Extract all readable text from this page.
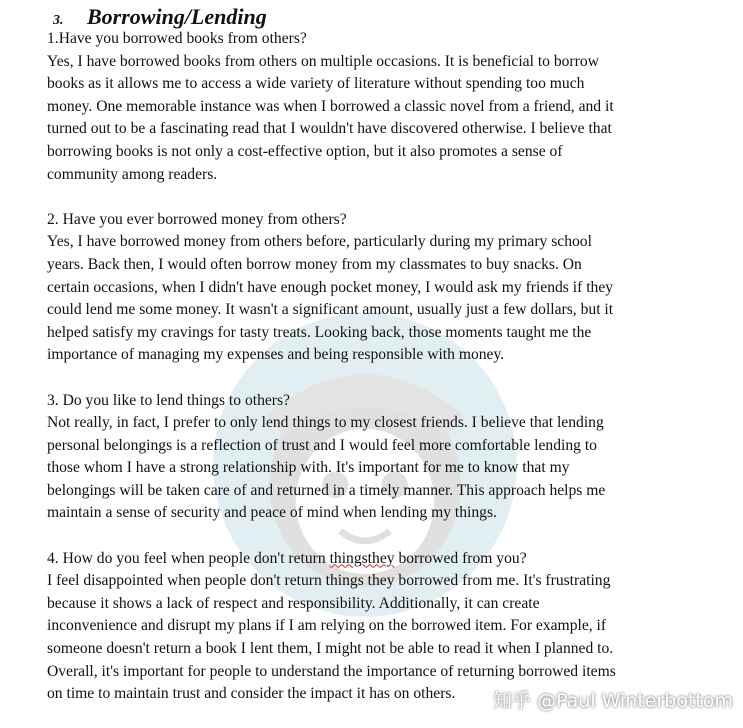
3. Borrowing/Lending
1.Have you borrowed books from others?
Yes, I have borrowed books from others on multiple occasions. It is beneficial to borrow
books as it allows me to access a wide variety of literature without spending too much
money. One memorable instance was when I borrowed a classic novel from a friend, and it
turned out to be a fascinating read that I wouldn't have discovered otherwise. I believe that
borrowing books is not only a cost-effective option, but it also promotes a sense of
community among readers.
2. Have you ever borrowed money from others?
Yes, I have borrowed money from others before, particularly during my primary school
years. Back then, I would often borrow money from my classmates to buy snacks. On
certain occasions, when I didn't have enough pocket money, I would ask my friends if they
could lend me some money. It wasn't a significant amount, usually just a few dollars, but it
helped satisfy my cravings for tasty treats. Looking back, those moments taught me the
importance of managing my expenses and being responsible with money.
3. Do you like to lend things to others?
Not really, in fact, I prefer to only lend things to my closest friends. I believe that lending
personal belongings is a reflection of trust and I would feel more comfortable lending to
those whom I have a strong relationship with. It's important for me to know that my
belongings will be taken care of and returned in a timely manner. This approach helps me
maintain a sense of security and peace of mind when lending my things.
4. How do you feel when people don't return thingsthey borrowed from you?
I feel disappointed when people don't return things they borrowed from me. It's frustrating
because it shows a lack of respect and responsibility. Additionally, it can create
inconvenience and disrupt my plans if I am relying on the borrowed item. For example, if
someone doesn't return a book I lent them, I might not be able to read it when I planned to.
Overall, it's important for people to understand the importance of returning borrowed items
on time to maintain trust and consider the impact it has on others.	知乎 @Paul Winterbottom
